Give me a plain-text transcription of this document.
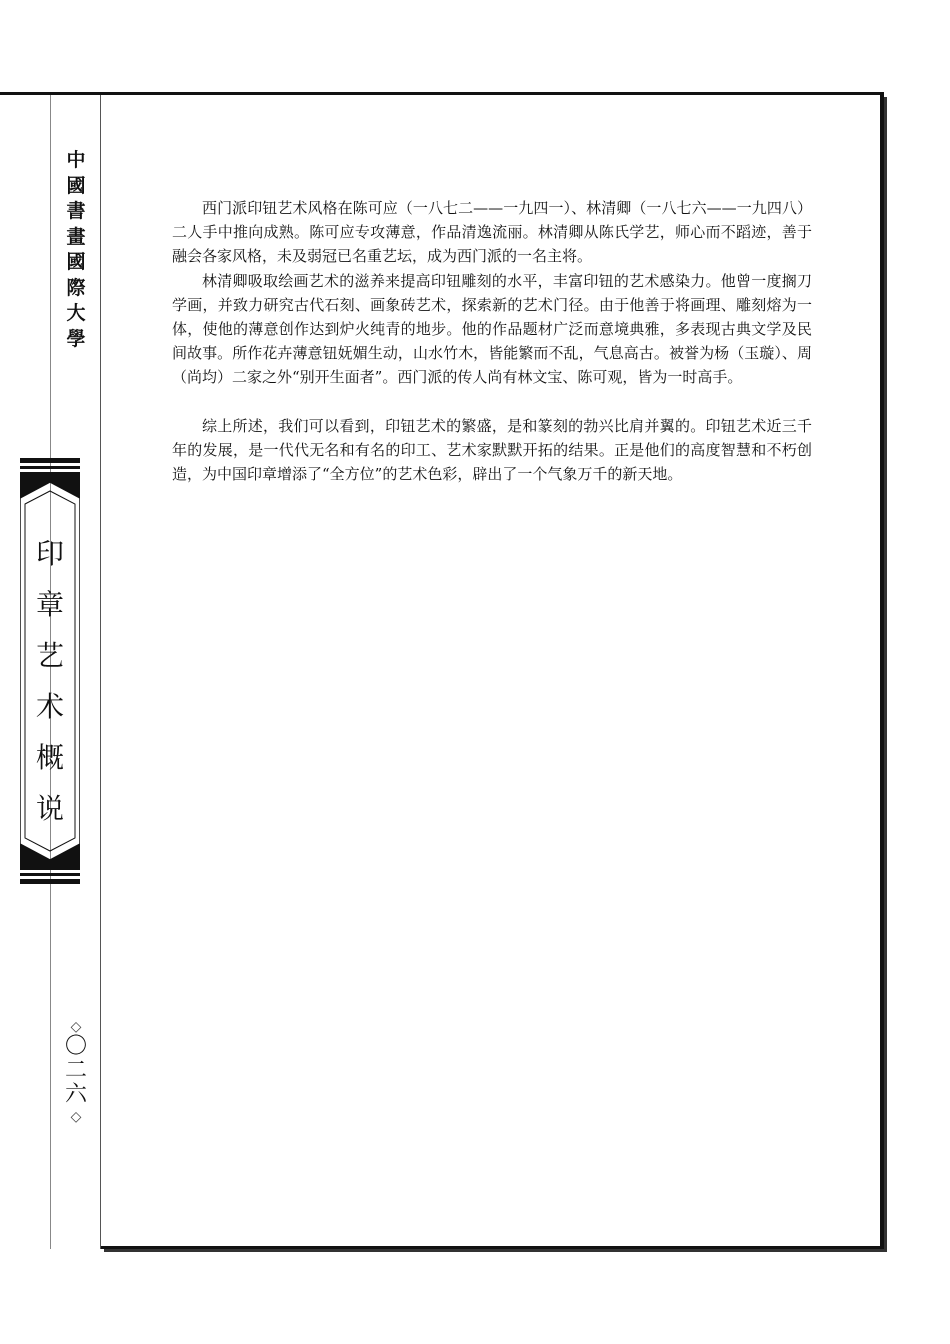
中
國
書
畫
國
際
大
學
印
章
艺
术
概
说
◇
〇
二
六
◇

西门派印钮艺术风格在陈可应（一八七二——一九四一）、林清卿（一八七六——一九四八）二人手中推向成熟。陈可应专攻薄意，作品清逸流丽。林清卿从陈氏学艺，师心而不蹈迹，善于融会各家风格，未及弱冠已名重艺坛，成为西门派的一名主将。

林清卿吸取绘画艺术的滋养来提高印钮雕刻的水平，丰富印钮的艺术感染力。他曾一度搁刀学画，并致力研究古代石刻、画象砖艺术，探索新的艺术门径。由于他善于将画理、雕刻熔为一体，使他的薄意创作达到炉火纯青的地步。他的作品题材广泛而意境典雅，多表现古典文学及民间故事。所作花卉薄意钮妩媚生动，山水竹木，皆能繁而不乱，气息高古。被誉为杨（玉璇）、周（尚均）二家之外“别开生面者”。西门派的传人尚有林文宝、陈可观，皆为一时高手。

综上所述，我们可以看到，印钮艺术的繁盛，是和篆刻的勃兴比肩并翼的。印钮艺术近三千年的发展，是一代代无名和有名的印工、艺术家默默开拓的结果。正是他们的高度智慧和不朽创造，为中国印章增添了“全方位”的艺术色彩，辟出了一个气象万千的新天地。
